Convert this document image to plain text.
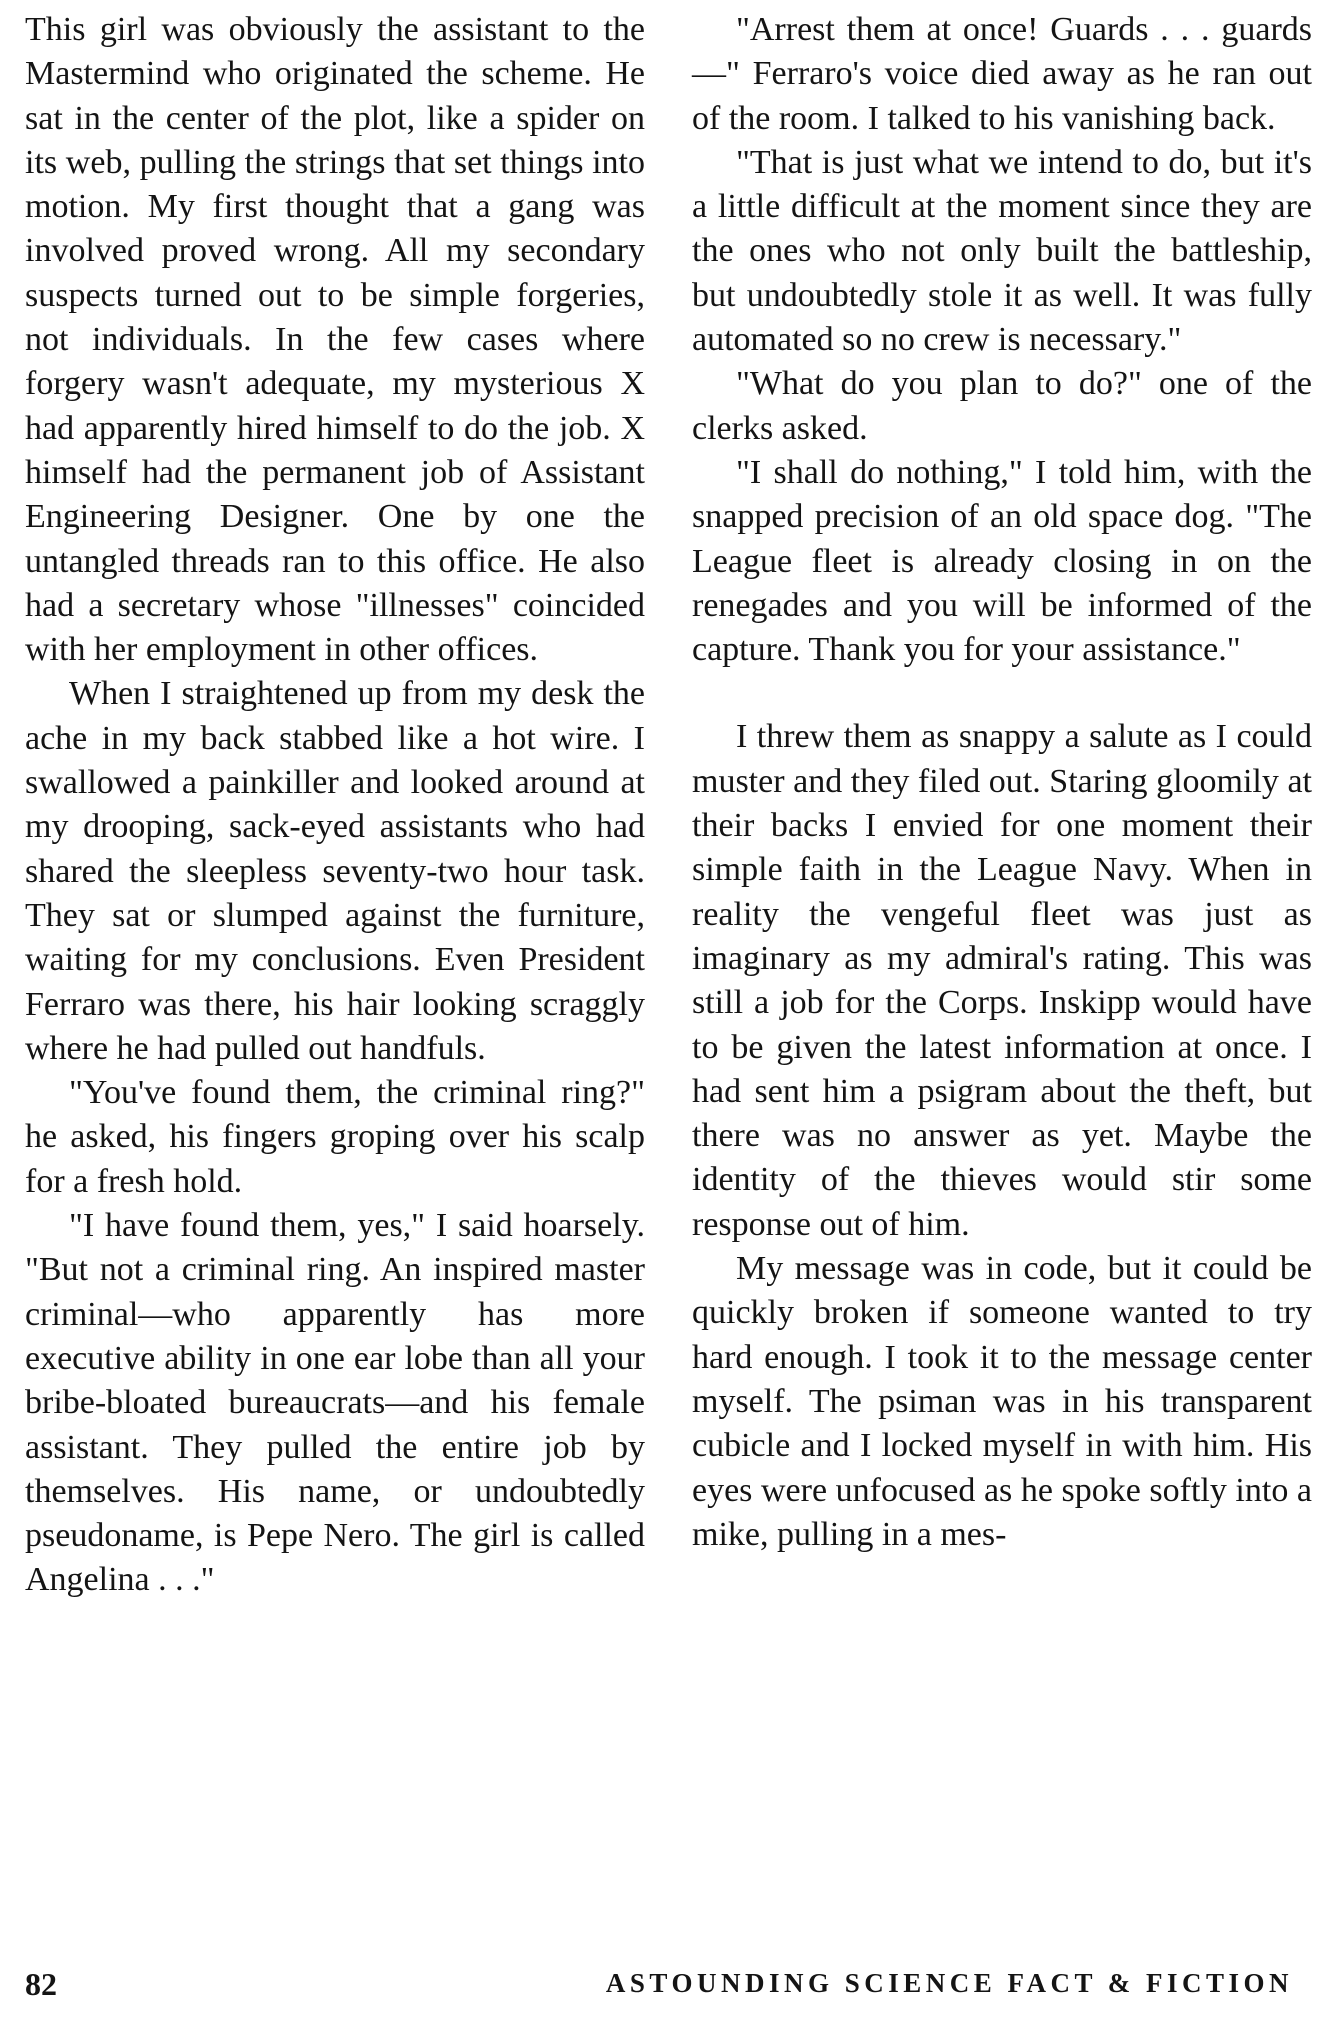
This girl was obviously the assistant to the Mastermind who originated the scheme. He sat in the center of the plot, like a spider on its web, pulling the strings that set things into motion. My first thought that a gang was involved proved wrong. All my secondary suspects turned out to be simple forgeries, not individuals. In the few cases where forgery wasn't adequate, my mysterious X had apparently hired himself to do the job. X himself had the permanent job of Assistant Engineering Designer. One by one the untangled threads ran to this office. He also had a secretary whose "illnesses" coincided with her employment in other offices.

When I straightened up from my desk the ache in my back stabbed like a hot wire. I swallowed a painkiller and looked around at my drooping, sack-eyed assistants who had shared the sleepless seventy-two hour task. They sat or slumped against the furniture, waiting for my conclusions. Even President Ferraro was there, his hair looking scraggly where he had pulled out handfuls.

"You've found them, the criminal ring?" he asked, his fingers groping over his scalp for a fresh hold.

"I have found them, yes," I said hoarsely. "But not a criminal ring. An inspired master criminal—who apparently has more executive ability in one ear lobe than all your bribe-bloated bureaucrats—and his female assistant. They pulled the entire job by themselves. His name, or undoubtedly pseudoname, is Pepe Nero. The girl is called Angelina . . ."

"Arrest them at once! Guards . . . guards—" Ferraro's voice died away as he ran out of the room. I talked to his vanishing back.

"That is just what we intend to do, but it's a little difficult at the moment since they are the ones who not only built the battleship, but undoubtedly stole it as well. It was fully automated so no crew is necessary."

"What do you plan to do?" one of the clerks asked.

"I shall do nothing," I told him, with the snapped precision of an old space dog. "The League fleet is already closing in on the renegades and you will be informed of the capture. Thank you for your assistance."

I threw them as snappy a salute as I could muster and they filed out. Staring gloomily at their backs I envied for one moment their simple faith in the League Navy. When in reality the vengeful fleet was just as imaginary as my admiral's rating. This was still a job for the Corps. Inskipp would have to be given the latest information at once. I had sent him a psigram about the theft, but there was no answer as yet. Maybe the identity of the thieves would stir some response out of him.

My message was in code, but it could be quickly broken if someone wanted to try hard enough. I took it to the message center myself. The psiman was in his transparent cubicle and I locked myself in with him. His eyes were unfocused as he spoke softly into a mike, pulling in a mes-

82	ASTOUNDING SCIENCE FACT & FICTION
